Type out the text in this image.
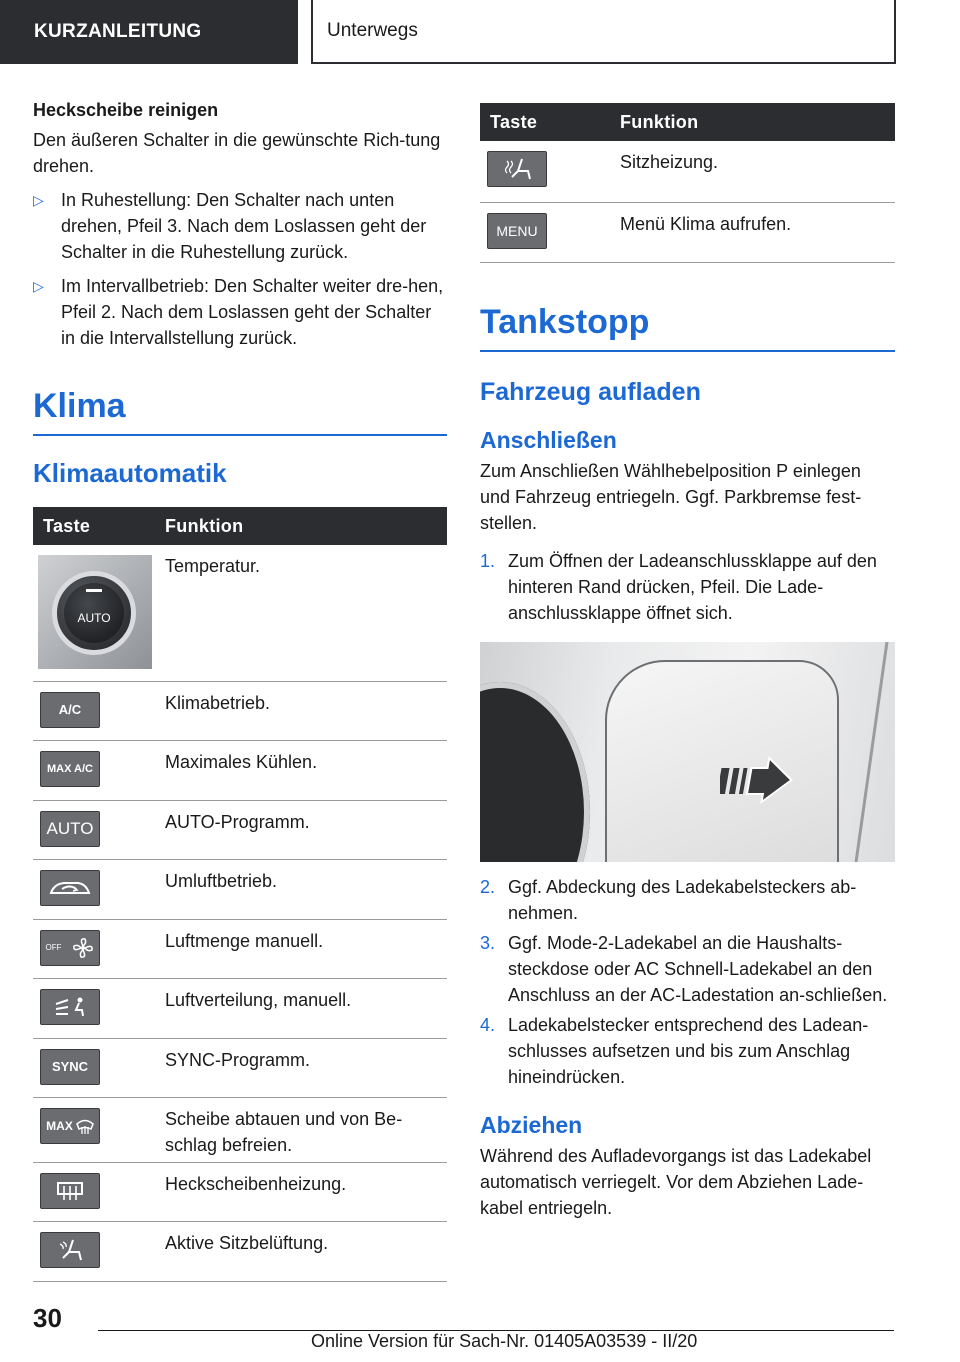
KURZANLEITUNG	Unterwegs
Heckscheibe reinigen

Den äußeren Schalter in die gewünschte Rich-tung drehen.

▷ In Ruhestellung: Den Schalter nach unten drehen, Pfeil 3. Nach dem Loslassen geht der Schalter in die Ruhestellung zurück.
▷ Im Intervallbetrieb: Den Schalter weiter dre-hen, Pfeil 2. Nach dem Loslassen geht der Schalter in die Intervallstellung zurück.
Klima
Klimaautomatik
Taste	Funktion

AUTO	Temperatur.

A/C	Klimabetrieb.

MAX A/C	Maximales Kühlen.

AUTO	AUTO-Programm.

	Umluftbetrieb.

OFF	Luftmenge manuell.

	Luftverteilung, manuell.

SYNC	SYNC-Programm.

MAX	Scheibe abtauen und von Be-schlag befreien.

	Heckscheibenheizung.

	Aktive Sitzbelüftung.
Taste	Funktion

	Sitzheizung.

MENU	Menü Klima aufrufen.
Tankstopp
Fahrzeug aufladen
Anschließen

Zum Anschließen Wählhebelposition P einlegen und Fahrzeug entriegeln. Ggf. Parkbremse fest-stellen.

1. Zum Öffnen der Ladeanschlussklappe auf den hinteren Rand drücken, Pfeil. Die Lade-anschlussklappe öffnet sich.
2. Ggf. Abdeckung des Ladekabelsteckers ab-nehmen.
3. Ggf. Mode-2-Ladekabel an die Haushalts-steckdose oder AC Schnell-Ladekabel an den Anschluss an der AC-Ladestation an-schließen.
4. Ladekabelstecker entsprechend des Ladean-schlusses aufsetzen und bis zum Anschlag hineindrücken.
Abziehen

Während des Aufladevorgangs ist das Ladekabel automatisch verriegelt. Vor dem Abziehen Lade-kabel entriegeln.

30
Online Version für Sach-Nr. 01405A03539 - II/20
